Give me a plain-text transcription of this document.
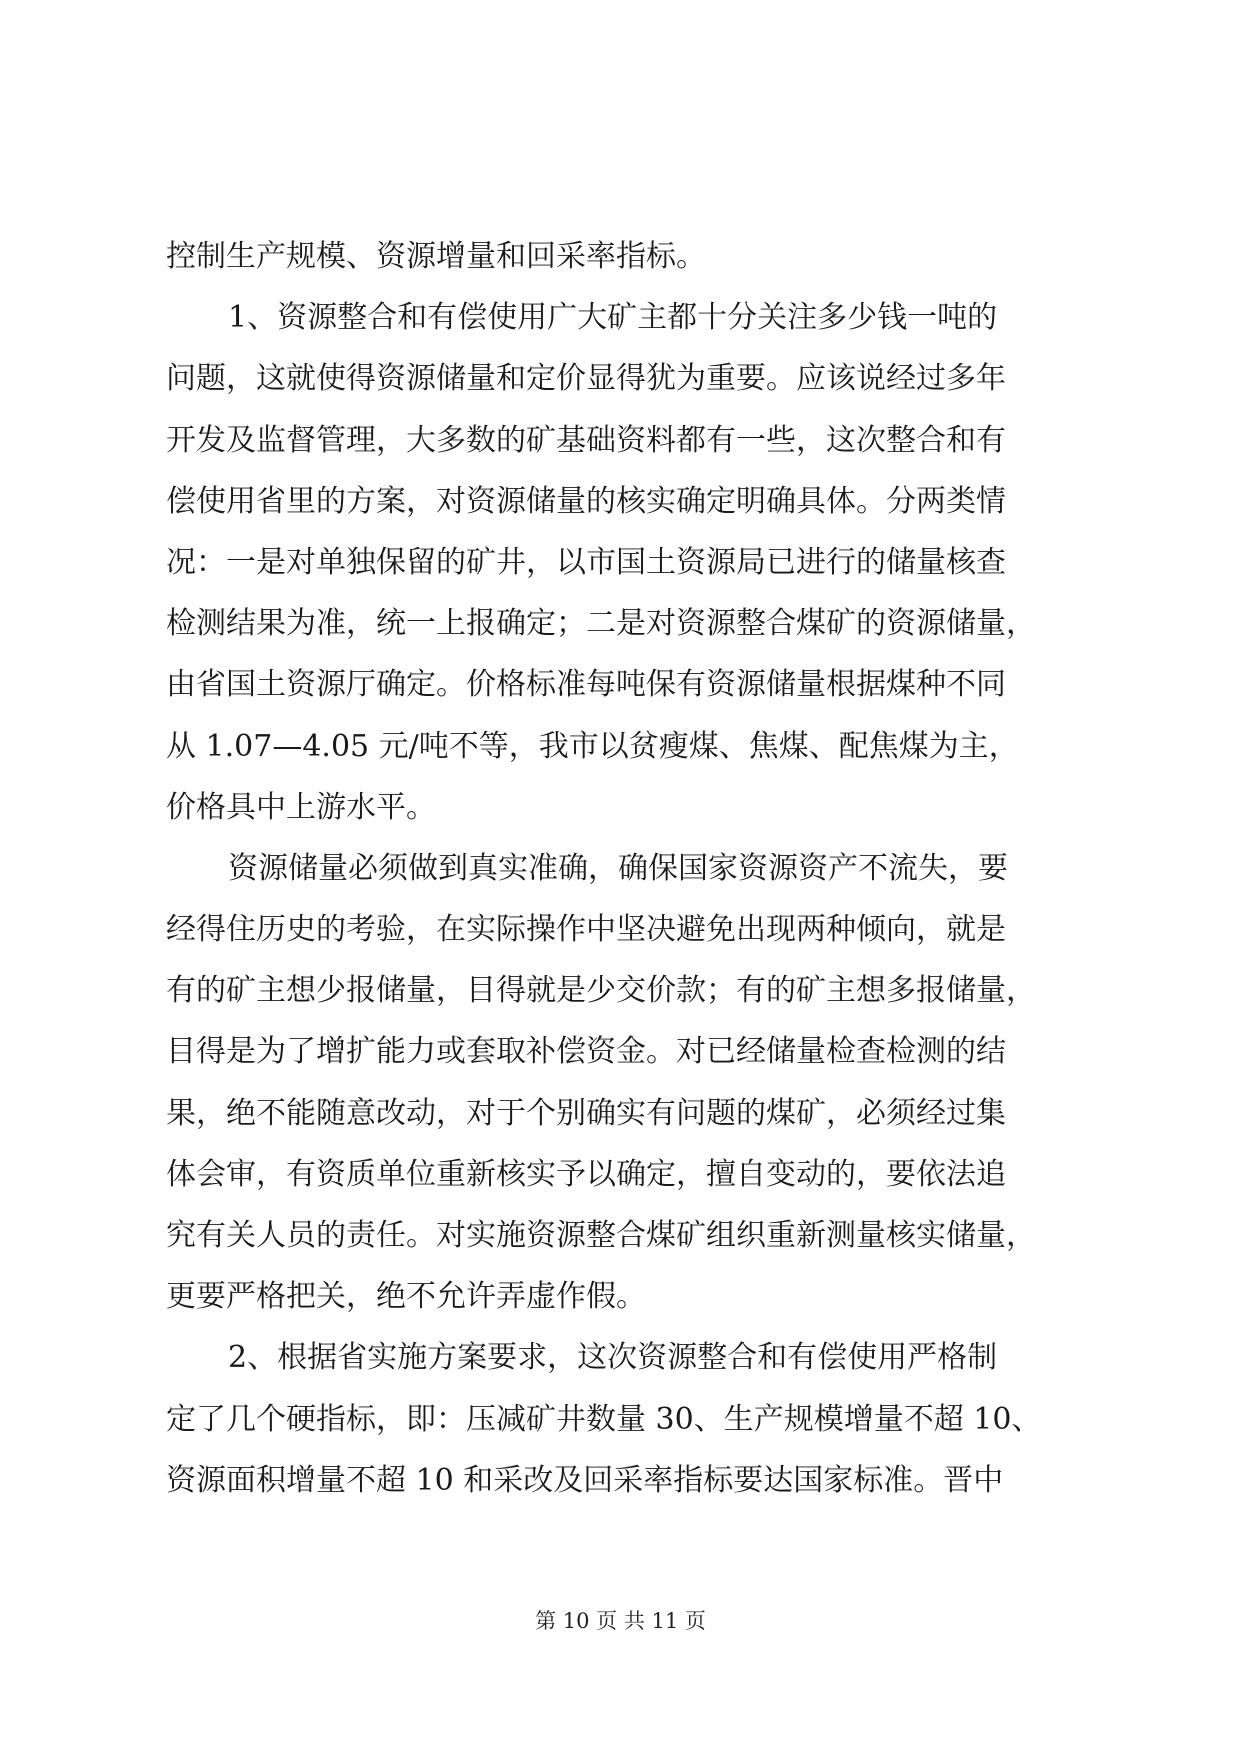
控制生产规模、资源增量和回采率指标。
1、资源整合和有偿使用广大矿主都十分关注多少钱一吨的
问题，这就使得资源储量和定价显得犹为重要。应该说经过多年
开发及监督管理，大多数的矿基础资料都有一些，这次整合和有
偿使用省里的方案，对资源储量的核实确定明确具体。分两类情
况：一是对单独保留的矿井，以市国土资源局已进行的储量核查
检测结果为准，统一上报确定；二是对资源整合煤矿的资源储量，
由省国土资源厅确定。价格标准每吨保有资源储量根据煤种不同
从 1.07—4.05 元/吨不等，我市以贫瘦煤、焦煤、配焦煤为主，
价格具中上游水平。
资源储量必须做到真实准确，确保国家资源资产不流失，要
经得住历史的考验，在实际操作中坚决避免出现两种倾向，就是
有的矿主想少报储量，目得就是少交价款；有的矿主想多报储量，
目得是为了增扩能力或套取补偿资金。对已经储量检查检测的结
果，绝不能随意改动，对于个别确实有问题的煤矿，必须经过集
体会审，有资质单位重新核实予以确定，擅自变动的，要依法追
究有关人员的责任。对实施资源整合煤矿组织重新测量核实储量，
更要严格把关，绝不允许弄虚作假。
2、根据省实施方案要求，这次资源整合和有偿使用严格制
定了几个硬指标，即：压减矿井数量 30、生产规模增量不超 10、
资源面积增量不超 10 和采改及回采率指标要达国家标准。晋中
第 10 页 共 11 页
